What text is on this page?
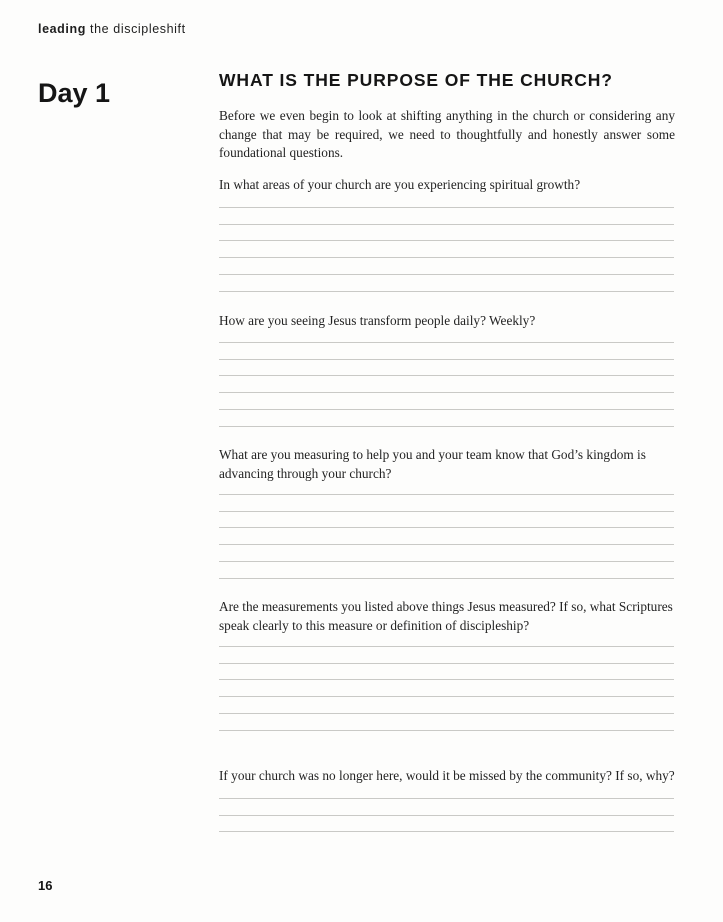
leading the discipleshift
Day 1	WHAT IS THE PURPOSE OF THE CHURCH?

Before we even begin to look at shifting anything in the church or considering any change that may be required, we need to thoughtfully and honestly answer some foundational questions.

In what areas of your church are you experiencing spiritual growth?

How are you seeing Jesus transform people daily? Weekly?

What are you measuring to help you and your team know that God’s kingdom is advancing through your church?

Are the measurements you listed above things Jesus measured? If so, what Scriptures speak clearly to this measure or definition of discipleship?

If your church was no longer here, would it be missed by the community? If so, why?

16
